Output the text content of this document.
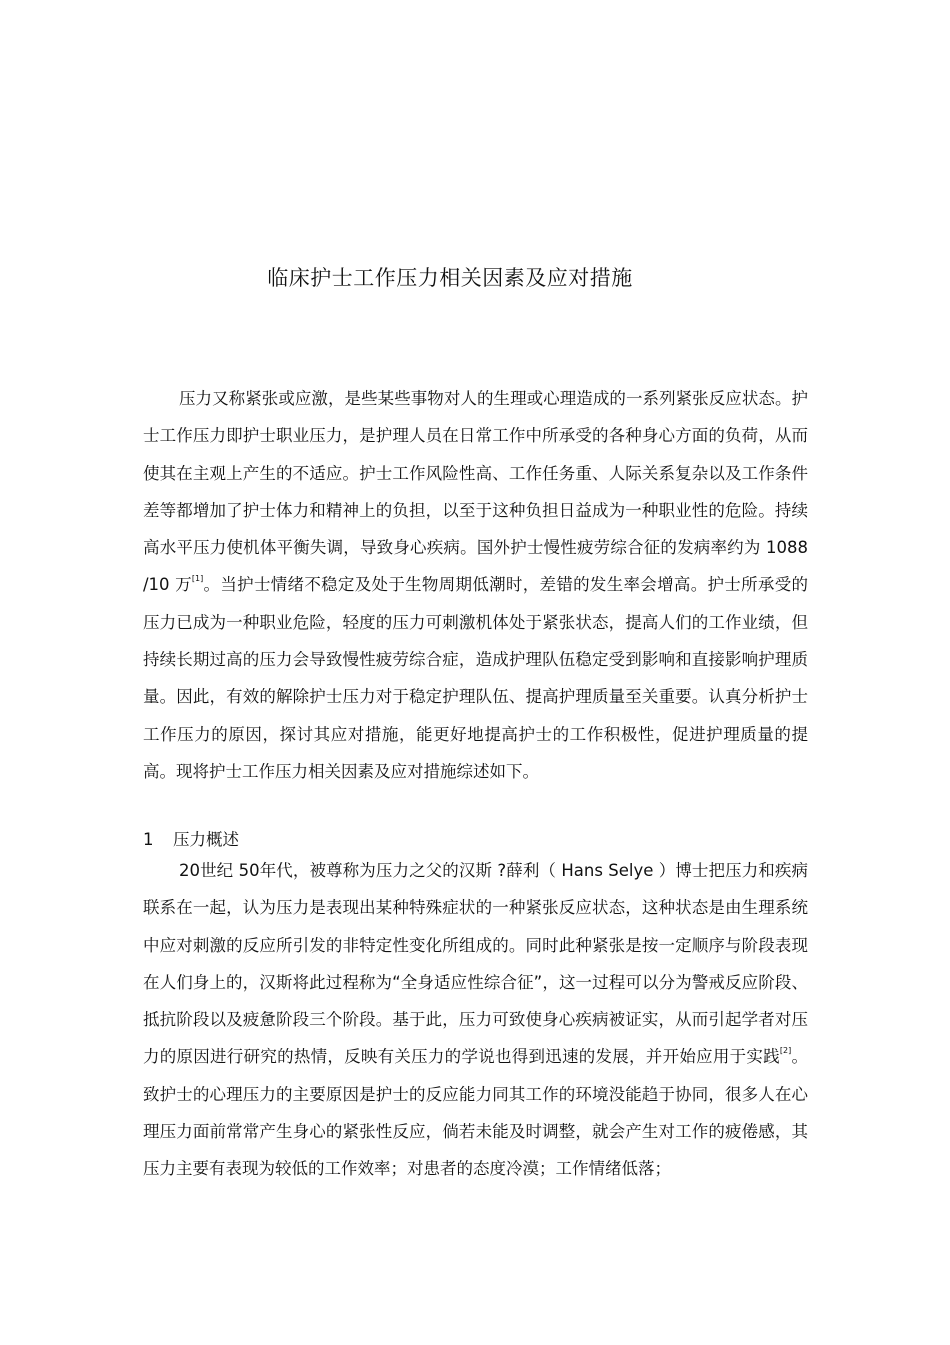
临床护士工作压力相关因素及应对措施

压力又称紧张或应激，是些某些事物对人的生理或心理造成的一系列紧张反应状态。护士工作压力即护士职业压力，是护理人员在日常工作中所承受的各种身心方面的负荷，从而使其在主观上产生的不适应。护士工作风险性高、工作任务重、人际关系复杂以及工作条件差等都增加了护士体力和精神上的负担，以至于这种负担日益成为一种职业性的危险。持续高水平压力使机体平衡失调，导致身心疾病。国外护士慢性疲劳综合征的发病率约为 1088 /10 万[1]。当护士情绪不稳定及处于生物周期低潮时，差错的发生率会增高。护士所承受的压力已成为一种职业危险，轻度的压力可刺激机体处于紧张状态，提高人们的工作业绩，但持续长期过高的压力会导致慢性疲劳综合症，造成护理队伍稳定受到影响和直接影响护理质量。因此，有效的解除护士压力对于稳定护理队伍、提高护理质量至关重要。认真分析护士工作压力的原因，探讨其应对措施，能更好地提高护士的工作积极性，促进护理质量的提高。现将护士工作压力相关因素及应对措施综述如下。

1 压力概述

20世纪 50年代，被尊称为压力之父的汉斯 ?薛利（ Hans Selye ）博士把压力和疾病联系在一起，认为压力是表现出某种特殊症状的一种紧张反应状态，这种状态是由生理系统中应对刺激的反应所引发的非特定性变化所组成的。同时此种紧张是按一定顺序与阶段表现在人们身上的，汉斯将此过程称为“全身适应性综合征”，这一过程可以分为警戒反应阶段、抵抗阶段以及疲惫阶段三个阶段。基于此，压力可致使身心疾病被证实，从而引起学者对压力的原因进行研究的热情，反映有关压力的学说也得到迅速的发展，并开始应用于实践[2]。致护士的心理压力的主要原因是护士的反应能力同其工作的环境没能趋于协同，很多人在心理压力面前常常产生身心的紧张性反应，倘若未能及时调整，就会产生对工作的疲倦感，其压力主要有表现为较低的工作效率；对患者的态度冷漠；工作情绪低落；
